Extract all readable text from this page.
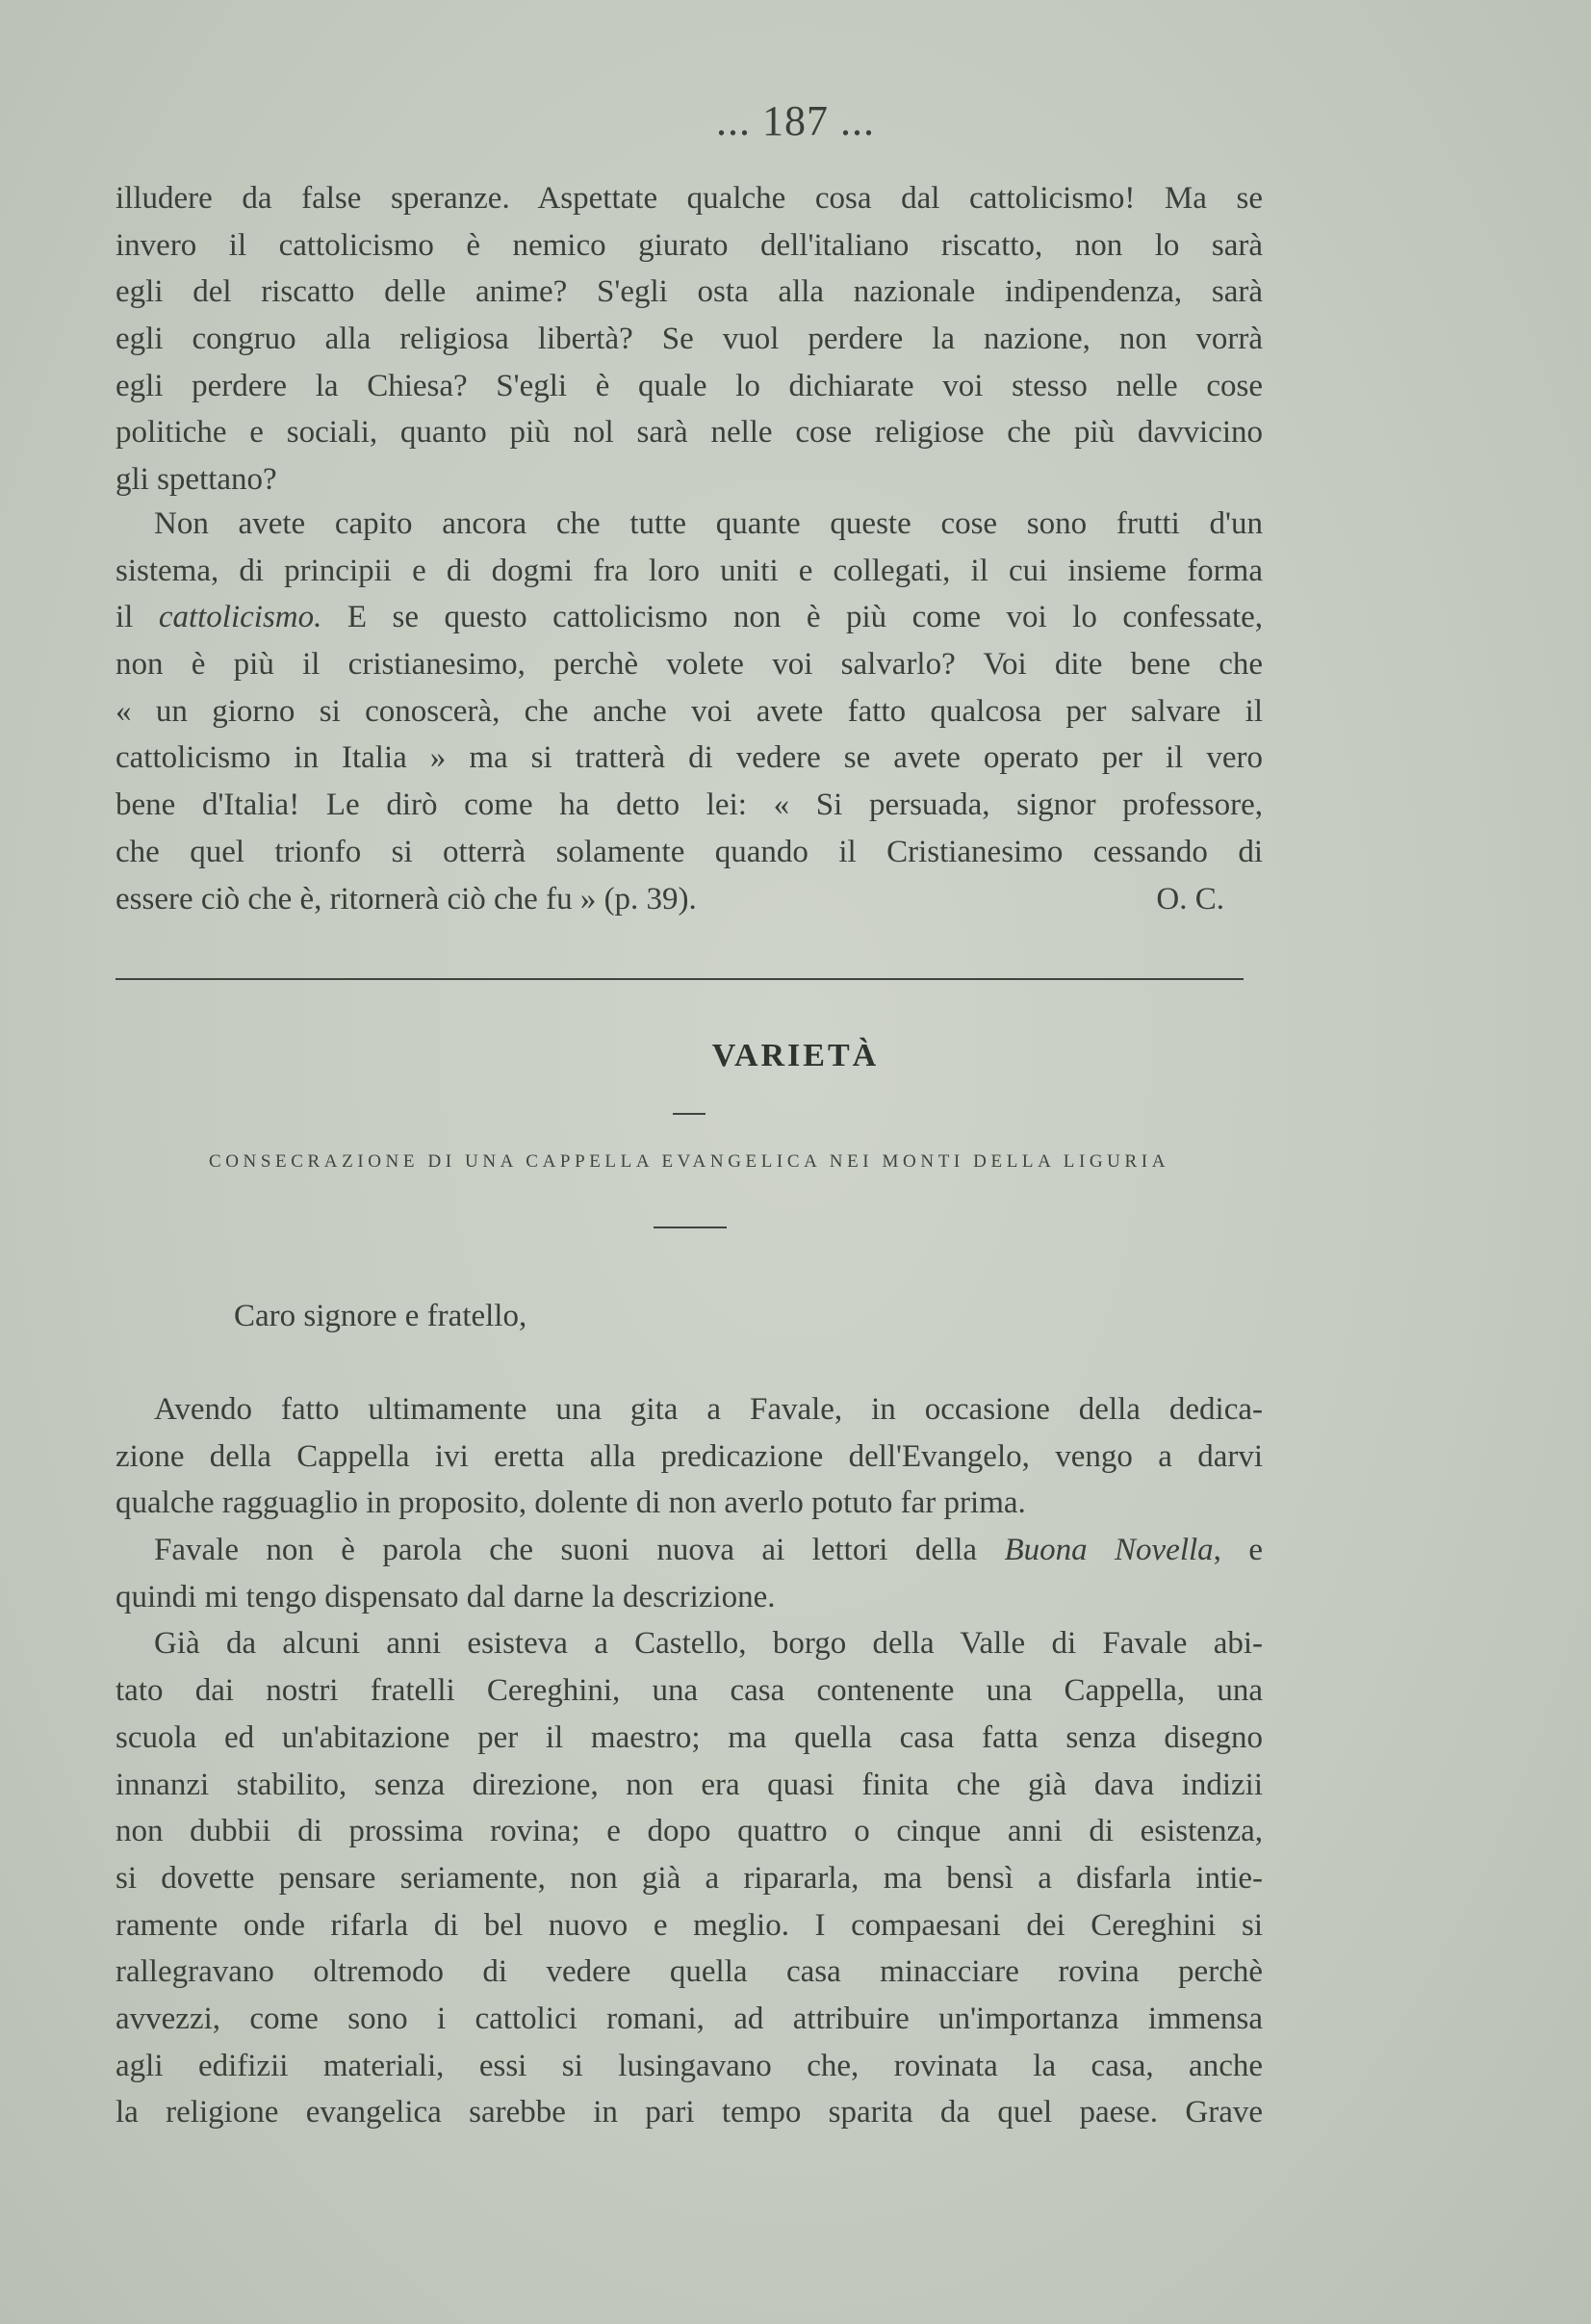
... 187 ...
illudere da false speranze. Aspettate qualche cosa dal cattolicismo! Ma se
invero il cattolicismo è nemico giurato dell'italiano riscatto, non lo sarà
egli del riscatto delle anime? S'egli osta alla nazionale indipendenza, sarà
egli congruo alla religiosa libertà? Se vuol perdere la nazione, non vorrà
egli perdere la Chiesa? S'egli è quale lo dichiarate voi stesso nelle cose
politiche e sociali, quanto più nol sarà nelle cose religiose che più davvicino
gli spettano?
Non avete capito ancora che tutte quante queste cose sono frutti d'un
sistema, di principii e di dogmi fra loro uniti e collegati, il cui insieme forma
il cattolicismo. E se questo cattolicismo non è più come voi lo confessate,
non è più il cristianesimo, perchè volete voi salvarlo? Voi dite bene che
« un giorno si conoscerà, che anche voi avete fatto qualcosa per salvare il
cattolicismo in Italia » ma si tratterà di vedere se avete operato per il vero
bene d'Italia! Le dirò come ha detto lei: « Si persuada, signor professore,
che quel trionfo si otterrà solamente quando il Cristianesimo cessando di
essere ciò che è, ritornerà ciò che fu » (p. 39).	O. C.
VARIETÀ
CONSECRAZIONE DI UNA CAPPELLA EVANGELICA NEI MONTI DELLA LIGURIA
Caro signore e fratello,
Avendo fatto ultimamente una gita a Favale, in occasione della dedica-
zione della Cappella ivi eretta alla predicazione dell'Evangelo, vengo a darvi
qualche ragguaglio in proposito, dolente di non averlo potuto far prima.
Favale non è parola che suoni nuova ai lettori della Buona Novella, e
quindi mi tengo dispensato dal darne la descrizione.
Già da alcuni anni esisteva a Castello, borgo della Valle di Favale abi-
tato dai nostri fratelli Cereghini, una casa contenente una Cappella, una
scuola ed un'abitazione per il maestro; ma quella casa fatta senza disegno
innanzi stabilito, senza direzione, non era quasi finita che già dava indizii
non dubbii di prossima rovina; e dopo quattro o cinque anni di esistenza,
si dovette pensare seriamente, non già a ripararla, ma bensì a disfarla intie-
ramente onde rifarla di bel nuovo e meglio. I compaesani dei Cereghini si
rallegravano oltremodo di vedere quella casa minacciare rovina perchè
avvezzi, come sono i cattolici romani, ad attribuire un'importanza immensa
agli edifizii materiali, essi si lusingavano che, rovinata la casa, anche
la religione evangelica sarebbe in pari tempo sparita da quel paese. Grave
